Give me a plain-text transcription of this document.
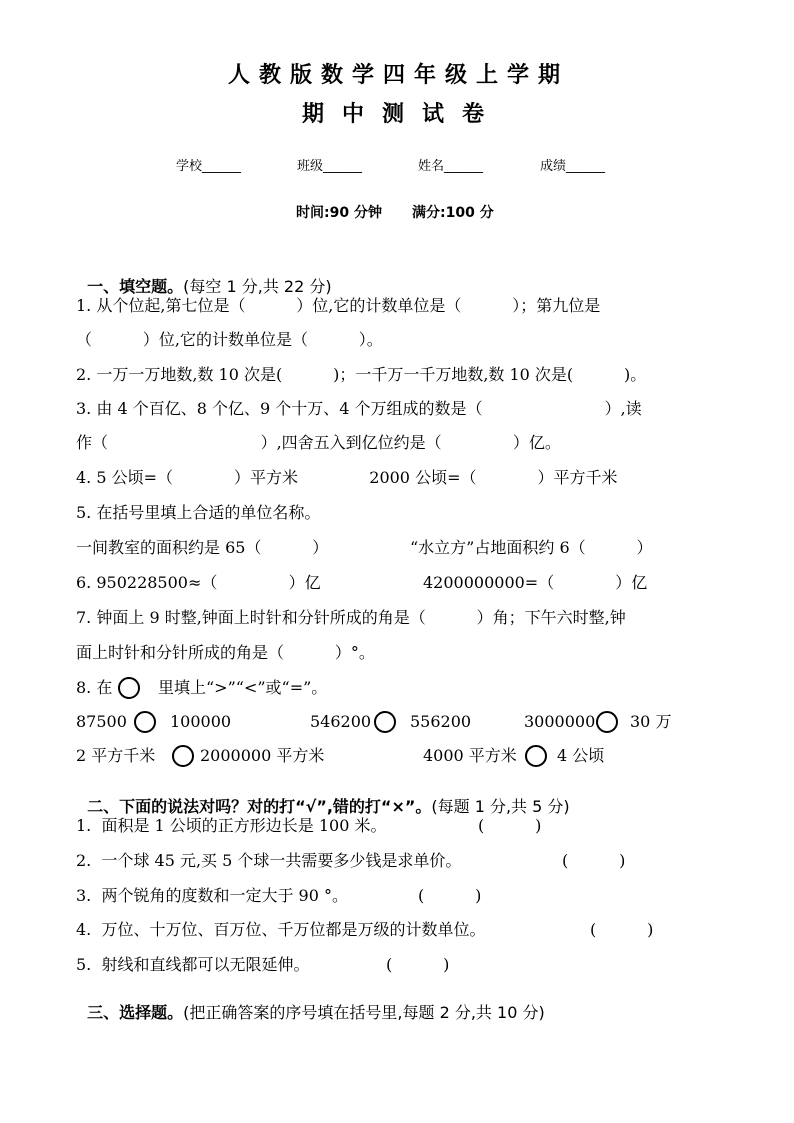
人教版数学四年级上学期
期中测试卷
学校______	班级______	姓名______	成绩______
时间:90 分钟 满分:100 分

一、填空题。(每空 1 分,共 22 分)

1. 从个位起,第七位是（          ）位,它的计数单位是（          ）；第九位是
（          ）位,它的计数单位是（          ）。
2. 一万一万地数,数 10 次是(          )；一千万一千万地数,数 10 次是(          )。
3. 由 4 个百亿、8 个亿、9 个十万、4 个万组成的数是（                        ）,读
作（                              ）,四舍五入到亿位约是（              ）亿。
4. 5 公顷=（            ）平方米              2000 公顷=（            ）平方千米
5. 在括号里填上合适的单位名称。
一间教室的面积约是 65（          ）	“水立方”占地面积约 6（          ）
6. 950228500≈（              ）亿	4200000000=（            ）亿
7. 钟面上 9 时整,钟面上时针和分针所成的角是（          ）角；下午六时整,钟
面上时针和分针所成的角是（          ）°。
8. 在	里填上“>”“<”或“=”。
87500	100000	546200 556200	3000000 30 万
2 平方千米	2000000 平方米	4000 平方米	4 公顷

二、下面的说法对吗？对的打“√”,错的打“×”。(每题 1 分,共 5 分)

1.  面积是 1 公顷的正方形边长是 100 米。	(          )
2.  一个球 45 元,买 5 个球一共需要多少钱是求单价。	(          )
3.  两个锐角的度数和一定大于 90 °。	(          )
4.  万位、十万位、百万位、千万位都是万级的计数单位。	(          )
5.  射线和直线都可以无限延伸。	(          )

三、选择题。(把正确答案的序号填在括号里,每题 2 分,共 10 分)
